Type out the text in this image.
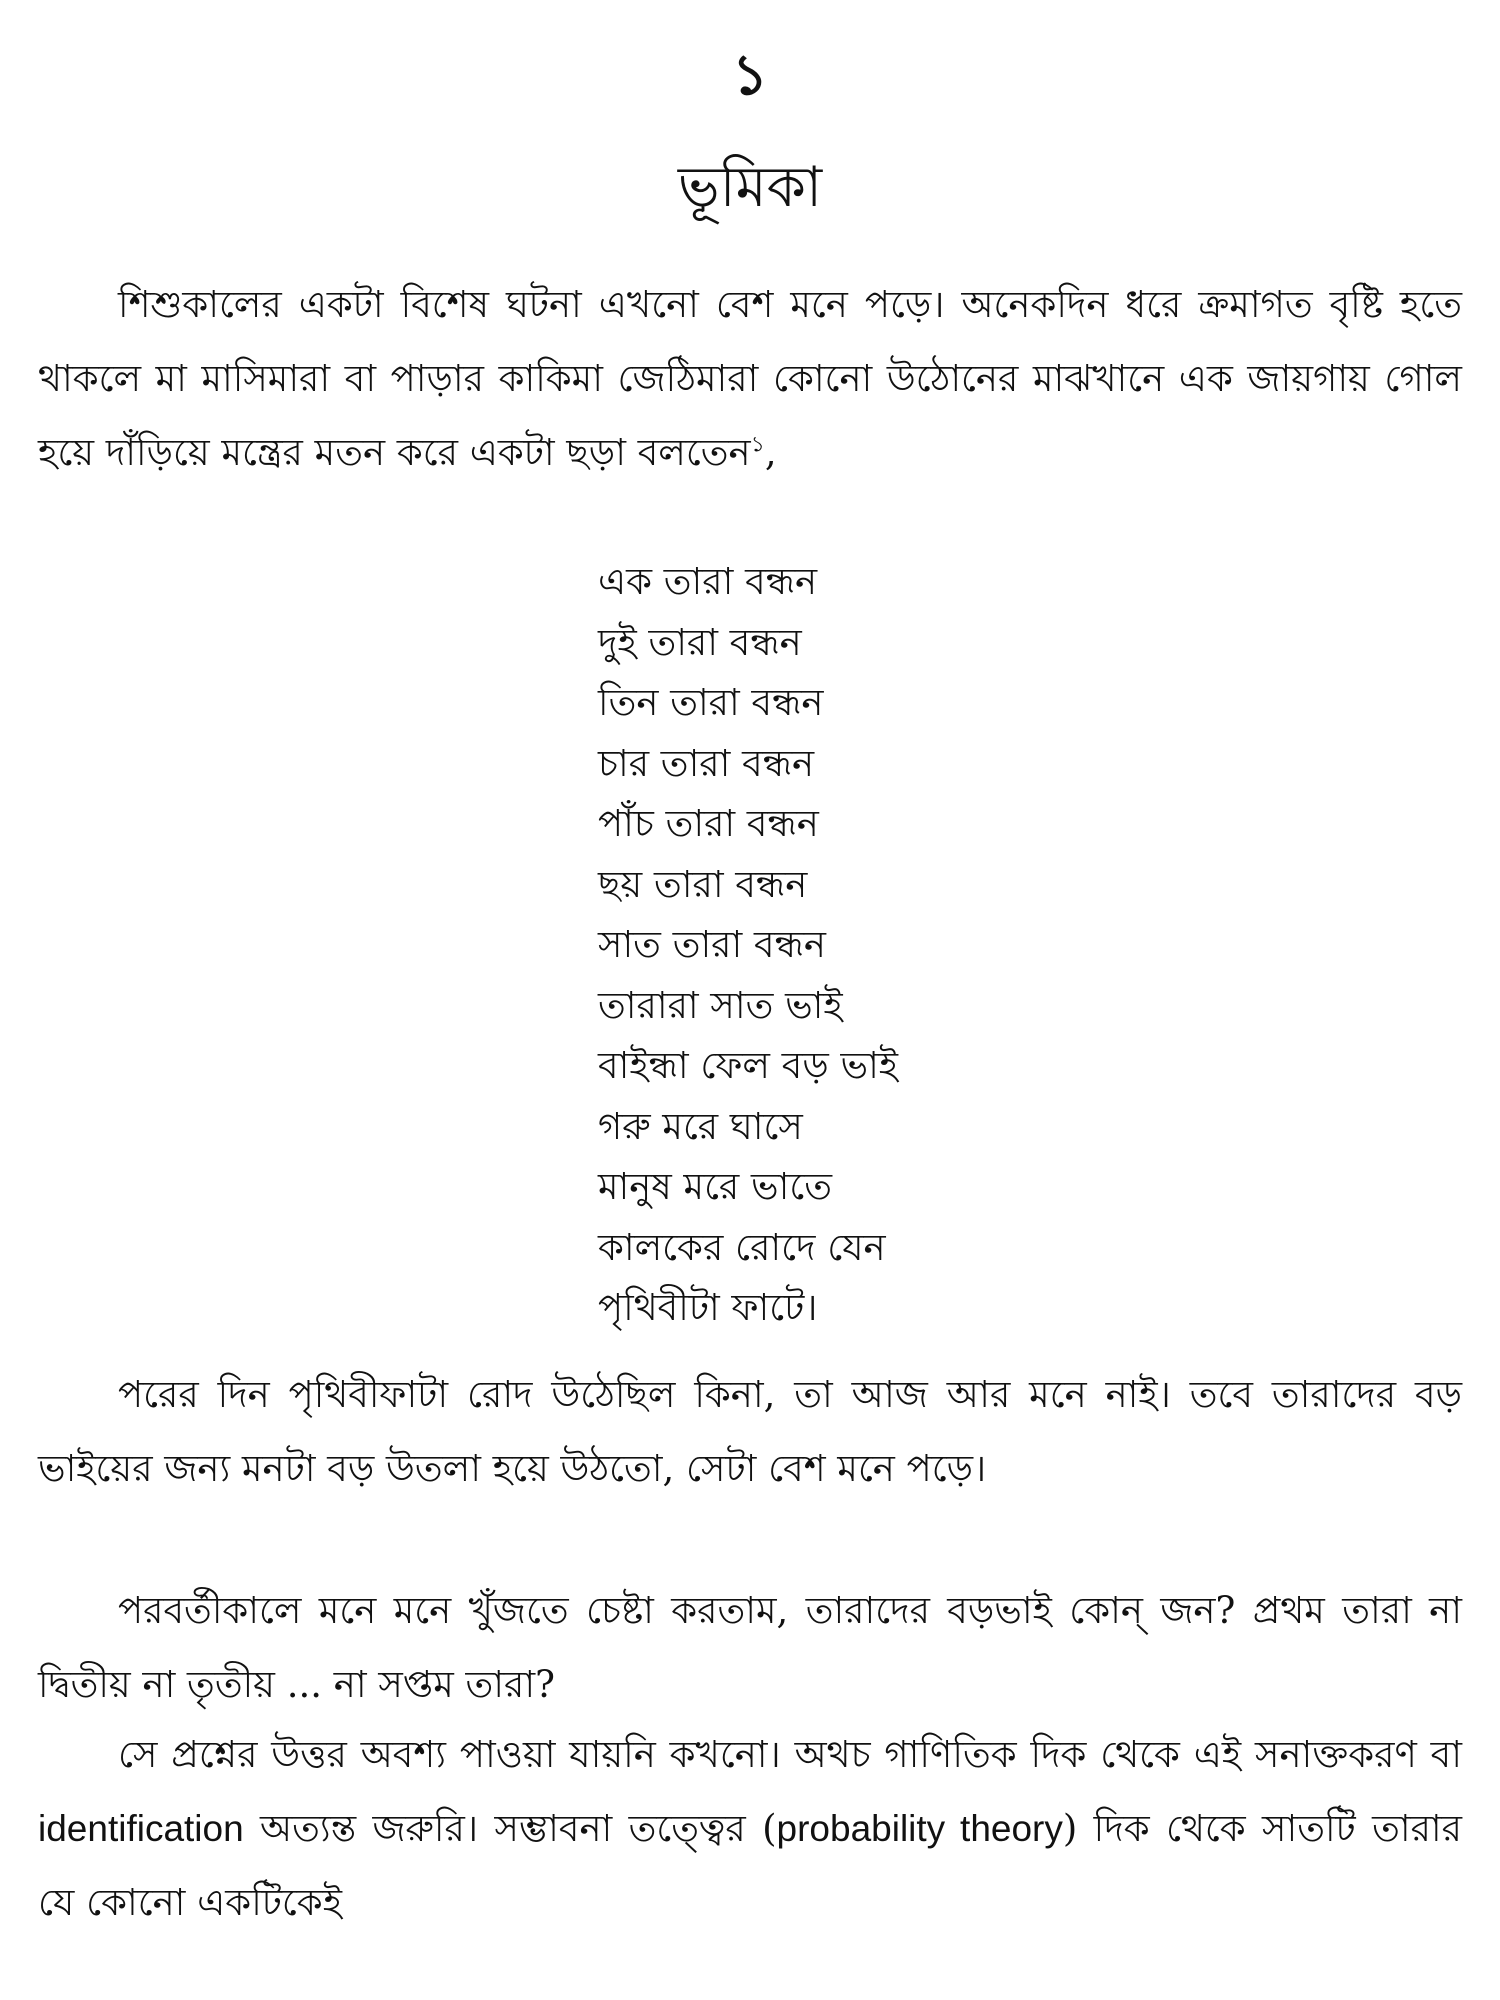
১
ভূমিকা

শিশুকালের একটা বিশেষ ঘটনা এখনো বেশ মনে পড়ে। অনেকদিন ধরে ক্রমাগত বৃষ্টি হতে থাকলে মা মাসিমারা বা পাড়ার কাকিমা জেঠিমারা কোনো উঠোনের মাঝখানে এক জায়গায় গোল হয়ে দাঁড়িয়ে মন্ত্রের মতন করে একটা ছড়া বলতেন$^১$,

এক তারা বন্ধন
দুই তারা বন্ধন
তিন তারা বন্ধন
চার তারা বন্ধন
পাঁচ তারা বন্ধন
ছয় তারা বন্ধন
সাত তারা বন্ধন
তারারা সাত ভাই
বাইন্ধা ফেল বড় ভাই
গরু মরে ঘাসে
মানুষ মরে ভাতে
কালকের রোদে যেন
পৃথিবীটা ফাটে।

পরের দিন পৃথিবীফাটা রোদ উঠেছিল কিনা, তা আজ আর মনে নাই। তবে তারাদের বড় ভাইয়ের জন্য মনটা বড় উতলা হয়ে উঠতো, সেটা বেশ মনে পড়ে।

পরবর্তীকালে মনে মনে খুঁজতে চেষ্টা করতাম, তারাদের বড়ভাই কোন্ জন? প্রথম তারা না দ্বিতীয় না তৃতীয় ... না সপ্তম তারা?

সে প্রশ্নের উত্তর অবশ্য পাওয়া যায়নি কখনো। অথচ গাণিতিক দিক থেকে এই সনাক্তকরণ বা identification অত্যন্ত জরুরি। সম্ভাবনা তত্ত্বের (probability theory) দিক থেকে সাতটি তারার যে কোনো একটিকেই
